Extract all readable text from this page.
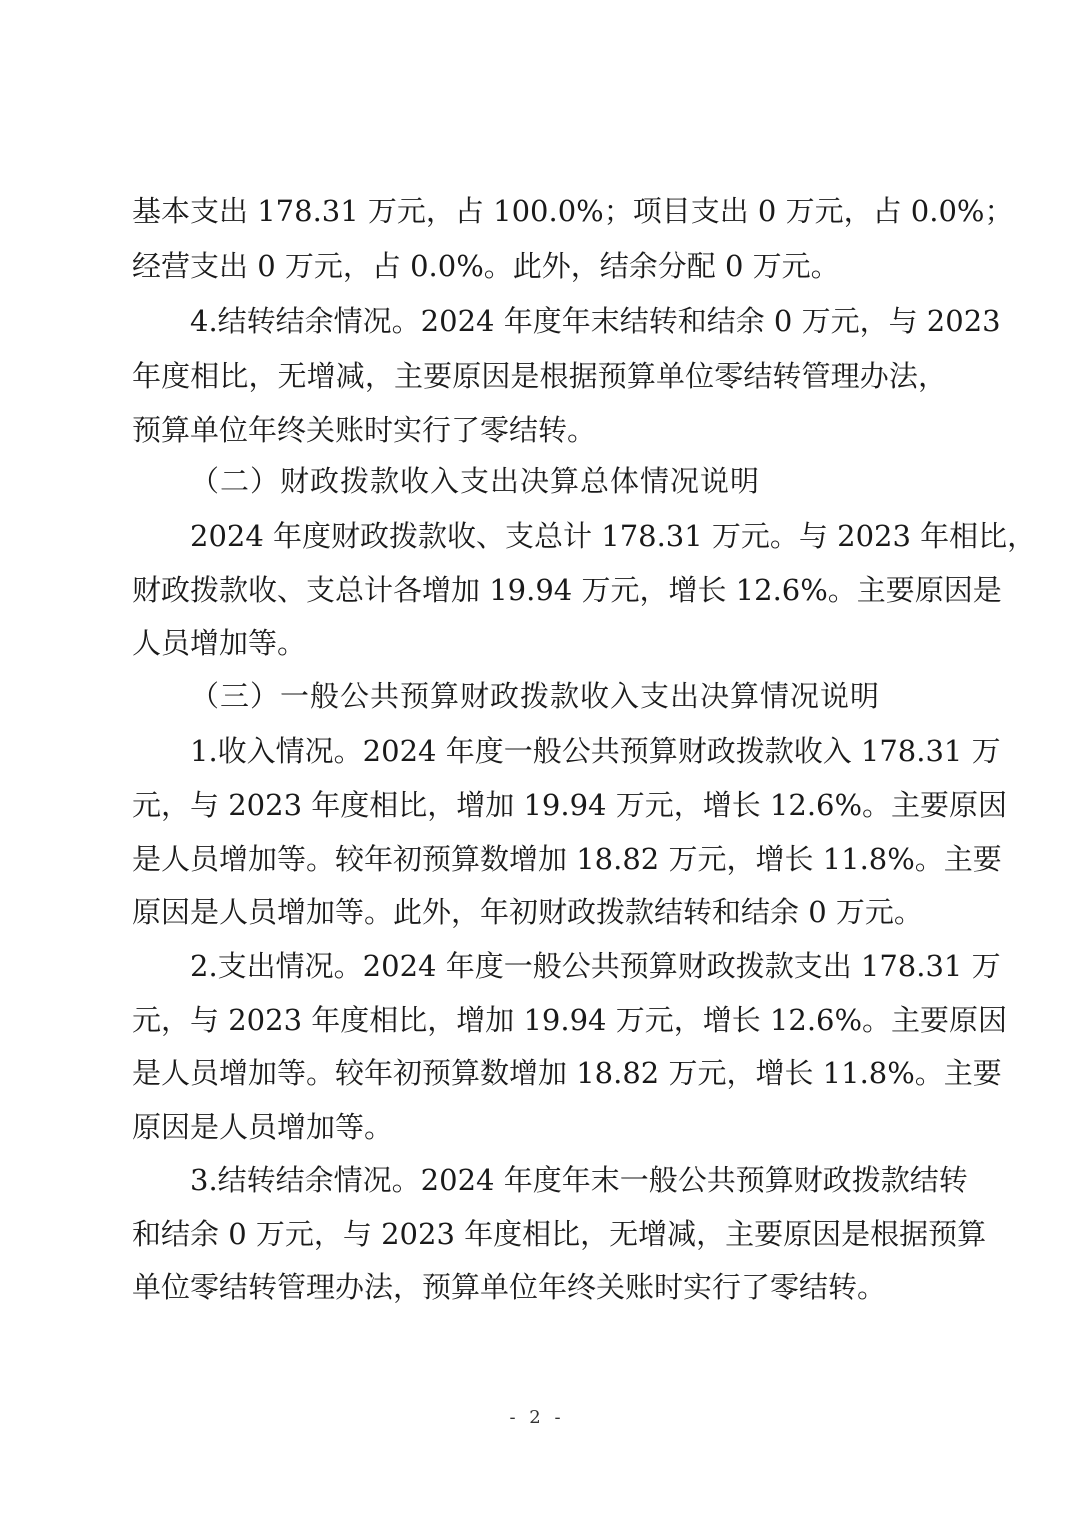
基本支出 178.31 万元，占 100.0%；项目支出 0 万元，占 0.0%；
经营支出 0 万元，占 0.0%。此外，结余分配 0 万元。
4.结转结余情况。2024 年度年末结转和结余 0 万元，与 2023
年度相比，无增减，主要原因是根据预算单位零结转管理办法，
预算单位年终关账时实行了零结转。
（二）财政拨款收入支出决算总体情况说明
2024 年度财政拨款收、支总计 178.31 万元。与 2023 年相比，
财政拨款收、支总计各增加 19.94 万元，增长 12.6%。主要原因是
人员增加等。
（三）一般公共预算财政拨款收入支出决算情况说明
1.收入情况。2024 年度一般公共预算财政拨款收入 178.31 万
元，与 2023 年度相比，增加 19.94 万元，增长 12.6%。主要原因
是人员增加等。较年初预算数增加 18.82 万元，增长 11.8%。主要
原因是人员增加等。此外，年初财政拨款结转和结余 0 万元。
2.支出情况。2024 年度一般公共预算财政拨款支出 178.31 万
元，与 2023 年度相比，增加 19.94 万元，增长 12.6%。主要原因
是人员增加等。较年初预算数增加 18.82 万元，增长 11.8%。主要
原因是人员增加等。
3.结转结余情况。2024 年度年末一般公共预算财政拨款结转
和结余 0 万元，与 2023 年度相比，无增减，主要原因是根据预算
单位零结转管理办法，预算单位年终关账时实行了零结转。
- 2 -
